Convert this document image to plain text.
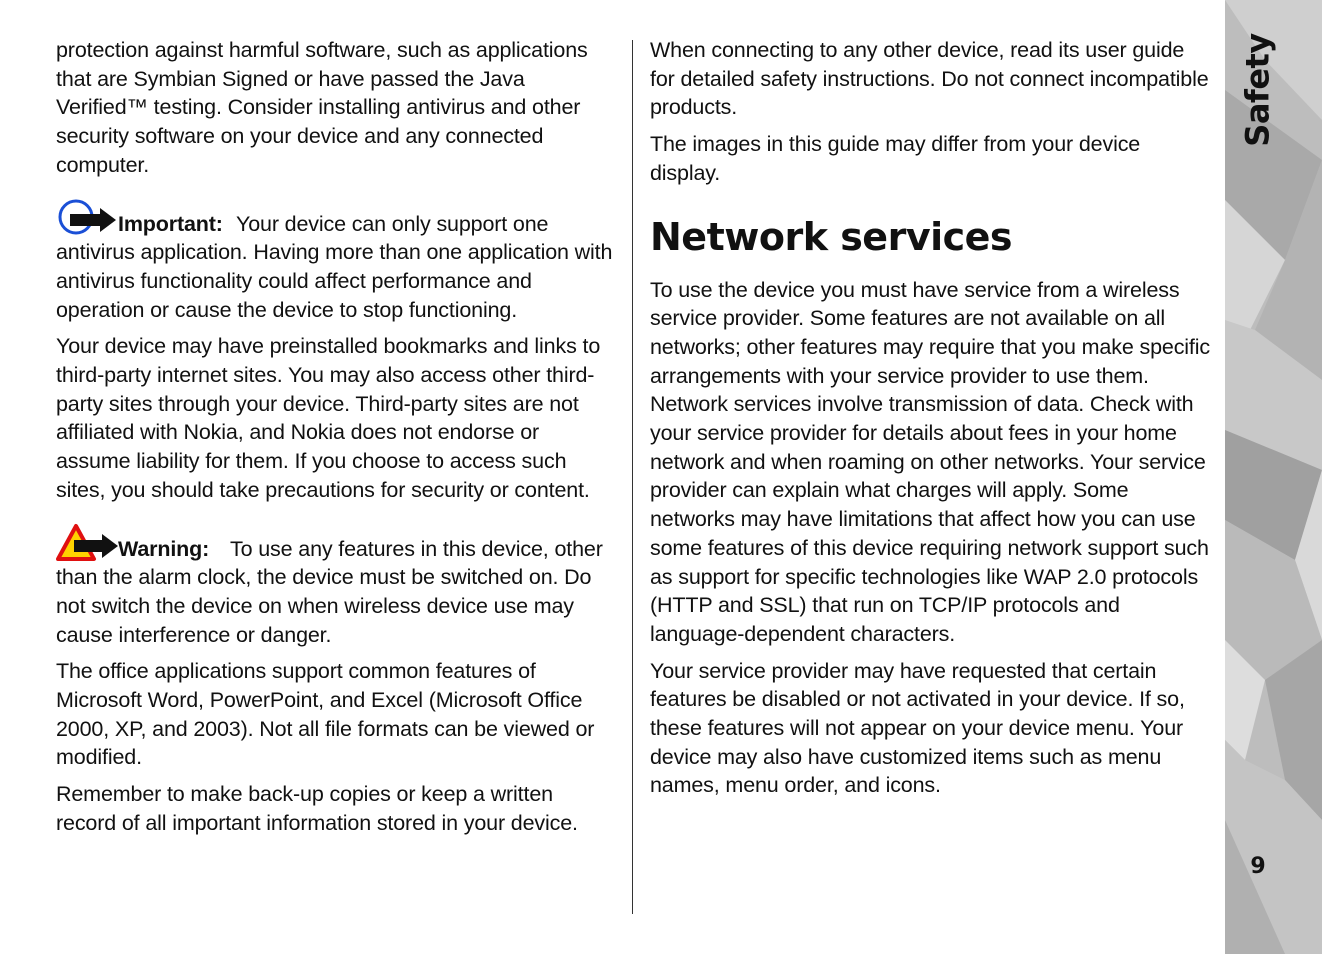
protection against harmful software, such as applications that are Symbian Signed or have passed the Java Verified™ testing. Consider installing antivirus and other security software on your device and any connected computer.

Important: Your device can only support one antivirus application. Having more than one application with antivirus functionality could affect performance and operation or cause the device to stop functioning.

Your device may have preinstalled bookmarks and links to third-party internet sites. You may also access other third-party sites through your device. Third-party sites are not affiliated with Nokia, and Nokia does not endorse or assume liability for them. If you choose to access such sites, you should take precautions for security or content.

Warning: To use any features in this device, other than the alarm clock, the device must be switched on. Do not switch the device on when wireless device use may cause interference or danger.

The office applications support common features of Microsoft Word, PowerPoint, and Excel (Microsoft Office 2000, XP, and 2003). Not all file formats can be viewed or modified.

Remember to make back-up copies or keep a written record of all important information stored in your device.

When connecting to any other device, read its user guide for detailed safety instructions. Do not connect incompatible products.

The images in this guide may differ from your device display.

Network services

To use the device you must have service from a wireless service provider. Some features are not available on all networks; other features may require that you make specific arrangements with your service provider to use them. Network services involve transmission of data. Check with your service provider for details about fees in your home network and when roaming on other networks. Your service provider can explain what charges will apply. Some networks may have limitations that affect how you can use some features of this device requiring network support such as support for specific technologies like WAP 2.0 protocols (HTTP and SSL) that run on TCP/IP protocols and language-dependent characters.

Your service provider may have requested that certain features be disabled or not activated in your device. If so, these features will not appear on your device menu. Your device may also have customized items such as menu names, menu order, and icons.

Safety
9
